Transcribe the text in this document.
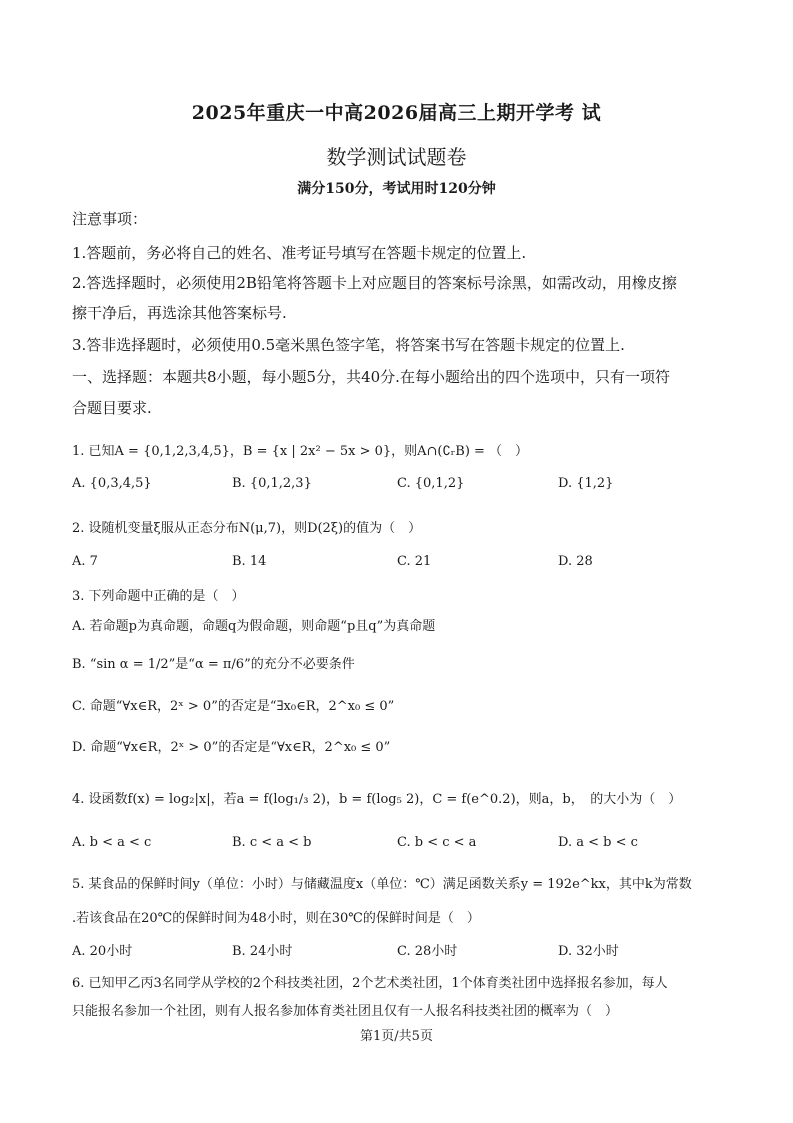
2025年重庆一中高2026届高三上期开学考 试
数学测试试题卷
满分150分，考试用时120分钟
注意事项：
1.答题前，务必将自己的姓名、准考证号填写在答题卡规定的位置上.
2.答选择题时，必须使用2B铅笔将答题卡上对应题目的答案标号涂黑，如需改动，用橡皮擦
擦干净后，再选涂其他答案标号.
3.答非选择题时，必须使用0.5毫米黑色签字笔，将答案书写在答题卡规定的位置上.
一、选择题：本题共8小题，每小题5分，共40分.在每小题给出的四个选项中，只有一项符
合题目要求.
1. 已知A = {0,1,2,3,4,5}，B = {x | 2x² − 5x > 0}，则A∩(∁ᵣB) = （　）
A. {0,3,4,5}	B. {0,1,2,3}	C. {0,1,2}	D. {1,2}
2. 设随机变量ξ服从正态分布N(μ,7)，则D(2ξ)的值为（　）
A. 7	B. 14	C. 21	D. 28
3. 下列命题中正确的是（　）
A. 若命题p为真命题，命题q为假命题，则命题“p且q”为真命题
B. “sin α = 1/2”是“α = π/6”的充分不必要条件
C. 命题“∀x∈R，2ˣ > 0”的否定是“∃x₀∈R，2^x₀ ≤ 0”
D. 命题“∀x∈R，2ˣ > 0”的否定是“∀x∈R，2^x₀ ≤ 0”
4. 设函数f(x) = log₂|x|，若a = f(log₁/₃ 2)，b = f(log₅ 2)，C = f(e^0.2)，则a，b，　的大小为（　）
A. b < a < c	B. c < a < b	C. b < c < a	D. a < b < c
5. 某食品的保鲜时间y（单位：小时）与储藏温度x（单位：℃）满足函数关系y = 192e^kx，其中k为常数
.若该食品在20℃的保鲜时间为48小时，则在30℃的保鲜时间是（　）
A. 20小时	B. 24小时	C. 28小时	D. 32小时
6. 已知甲乙丙3名同学从学校的2个科技类社团，2个艺术类社团，1个体育类社团中选择报名参加，每人
只能报名参加一个社团，则有人报名参加体育类社团且仅有一人报名科技类社团的概率为（　）
第1页/共5页
